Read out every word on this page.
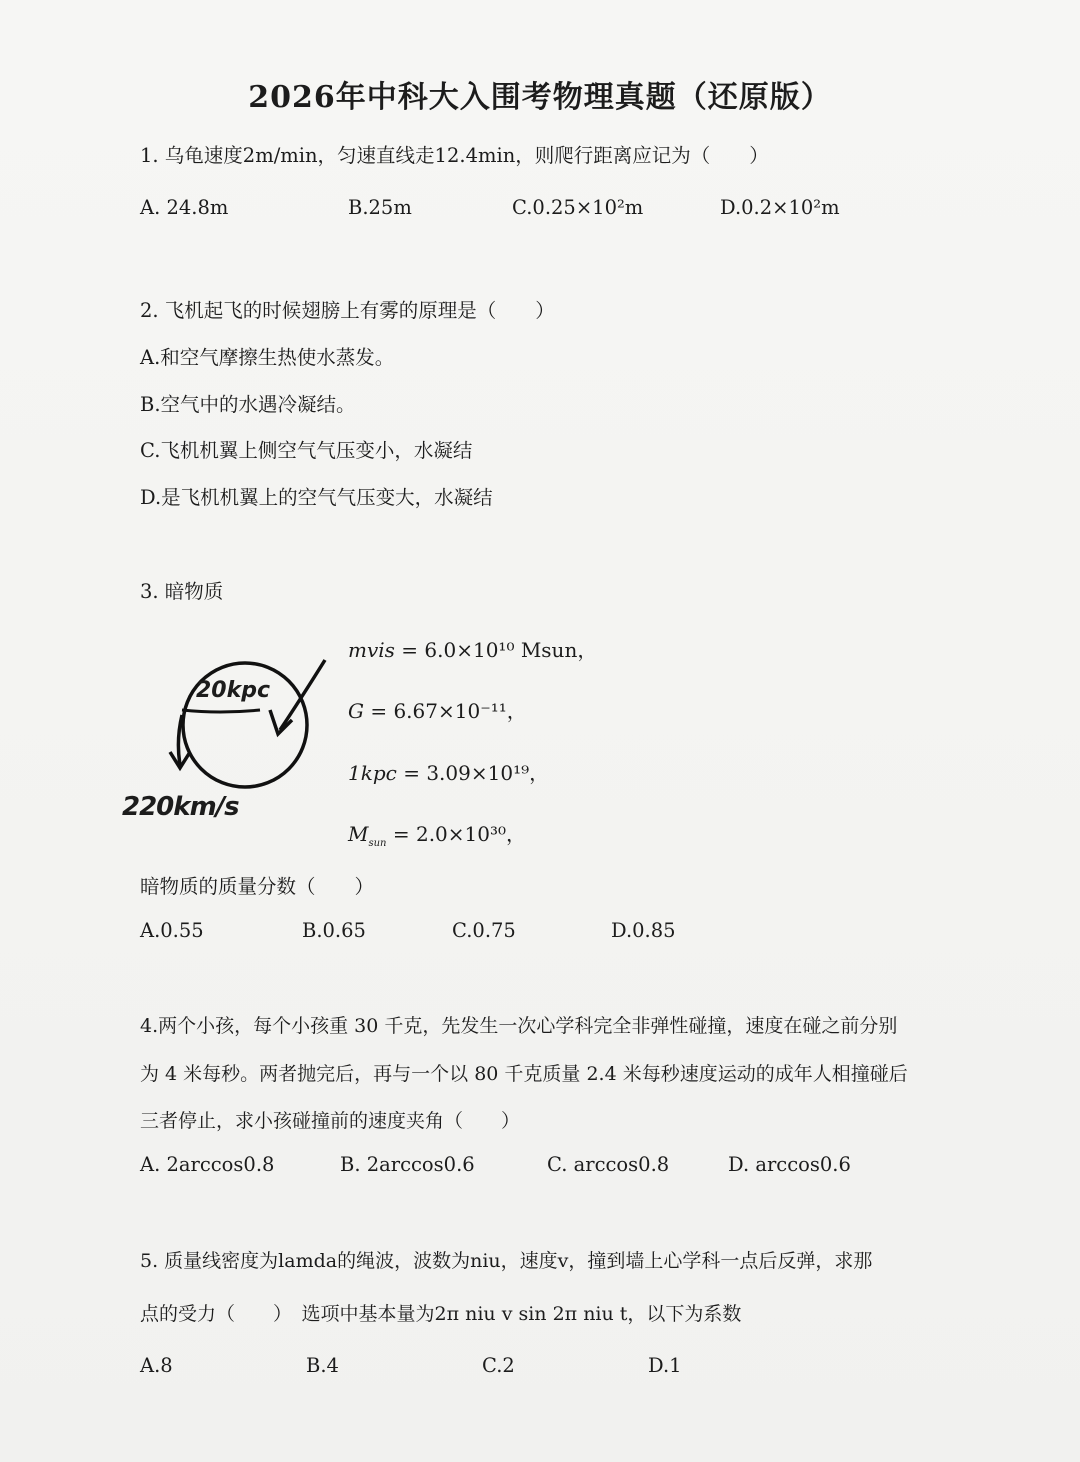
2026年中科大入围考物理真题（还原版）
1. 乌龟速度2m/min，匀速直线走12.4min，则爬行距离应记为（　　）
A. 24.8m	B.25m	C.0.25×10²m	D.0.2×10²m
2. 飞机起飞的时候翅膀上有雾的原理是（　　）
A.和空气摩擦生热使水蒸发。
B.空气中的水遇冷凝结。
C.飞机机翼上侧空气气压变小，水凝结
D.是飞机机翼上的空气气压变大，水凝结
3. 暗物质
20kpc
220km/s
mvis = 6.0×10¹⁰ Msun，
G = 6.67×10⁻¹¹，
1kpc = 3.09×10¹⁹，
$M_{sun} = 2.0\times 10^{30}$，
暗物质的质量分数（　　）
A.0.55	B.0.65	C.0.75	D.0.85
4.两个小孩，每个小孩重 30 千克，先发生一次心学科完全非弹性碰撞，速度在碰之前分别
为 4 米每秒。两者抛完后，再与一个以 80 千克质量 2.4 米每秒速度运动的成年人相撞碰后
三者停止，求小孩碰撞前的速度夹角（　　）
A. 2arccos0.8	B. 2arccos0.6	C. arccos0.8	D. arccos0.6
5. 质量线密度为lamda的绳波，波数为niu，速度v，撞到墙上心学科一点后反弹，求那
点的受力（　　）　选项中基本量为2π niu v sin 2π niu t，以下为系数
A.8	B.4	C.2	D.1
